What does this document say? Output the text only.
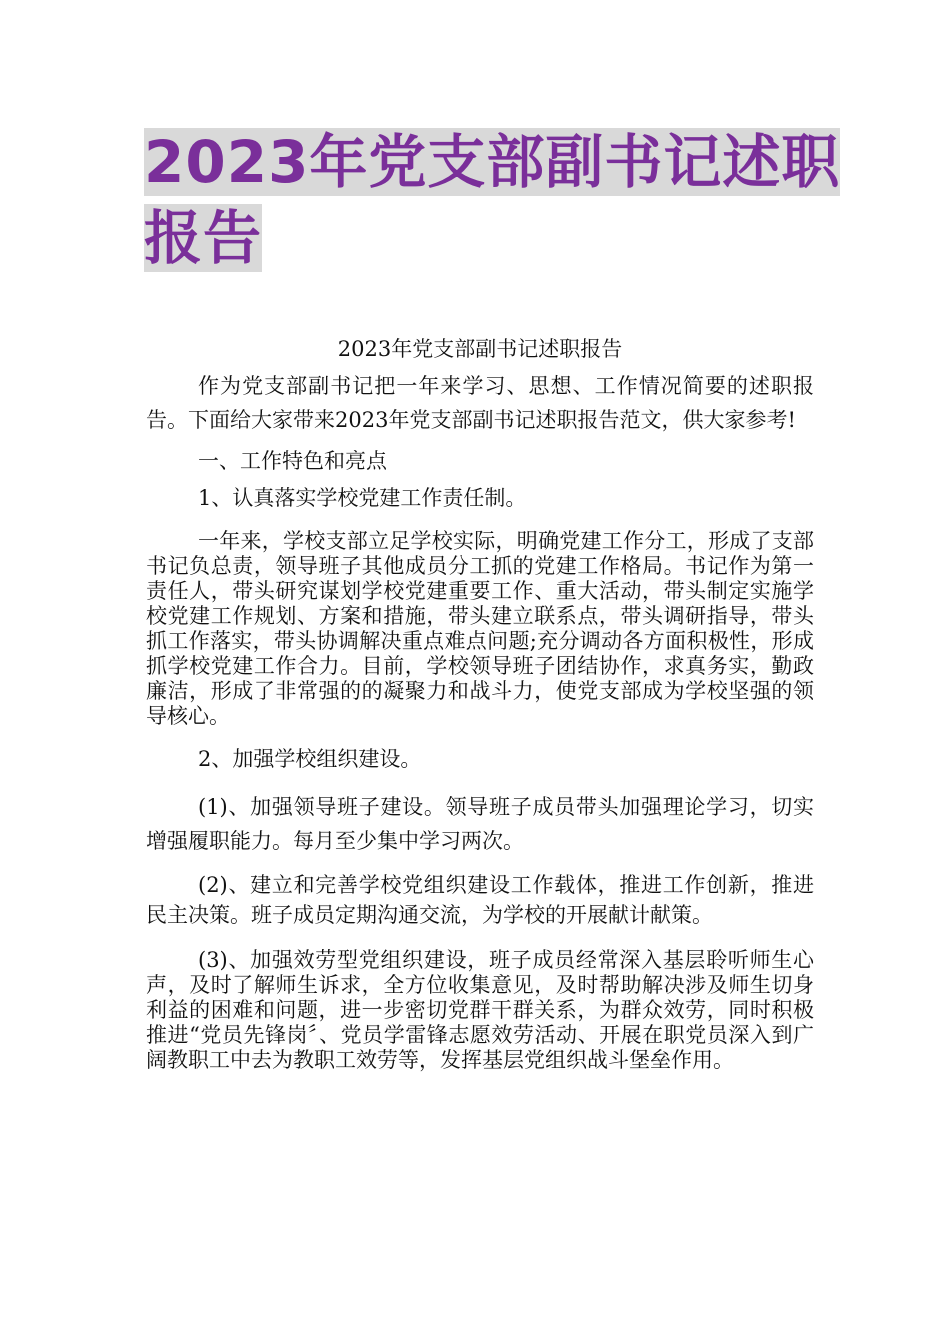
2023年党支部副书记述职
报告

2023年党支部副书记述职报告

作为党支部副书记把一年来学习、思想、工作情况简要的述职报告。下面给大家带来2023年党支部副书记述职报告范文，供大家参考!

一、工作特色和亮点

1、认真落实学校党建工作责任制。

一年来，学校支部立足学校实际，明确党建工作分工，形成了支部书记负总责，领导班子其他成员分工抓的党建工作格局。书记作为第一责任人，带头研究谋划学校党建重要工作、重大活动，带头制定实施学校党建工作规划、方案和措施，带头建立联系点，带头调研指导，带头抓工作落实，带头协调解决重点难点问题;充分调动各方面积极性，形成抓学校党建工作合力。目前，学校领导班子团结协作，求真务实，勤政廉洁，形成了非常强的的凝聚力和战斗力，使党支部成为学校坚强的领导核心。

2、加强学校组织建设。

(1)、加强领导班子建设。领导班子成员带头加强理论学习，切实增强履职能力。每月至少集中学习两次。

(2)、建立和完善学校党组织建设工作载体，推进工作创新，推进民主决策。班子成员定期沟通交流，为学校的开展献计献策。

(3)、加强效劳型党组织建设，班子成员经常深入基层聆听师生心声，及时了解师生诉求，全方位收集意见，及时帮助解决涉及师生切身利益的困难和问题，进一步密切党群干群关系，为群众效劳，同时积极推进“党员先锋岗〞、党员学雷锋志愿效劳活动、开展在职党员深入到广阔教职工中去为教职工效劳等，发挥基层党组织战斗堡垒作用。
